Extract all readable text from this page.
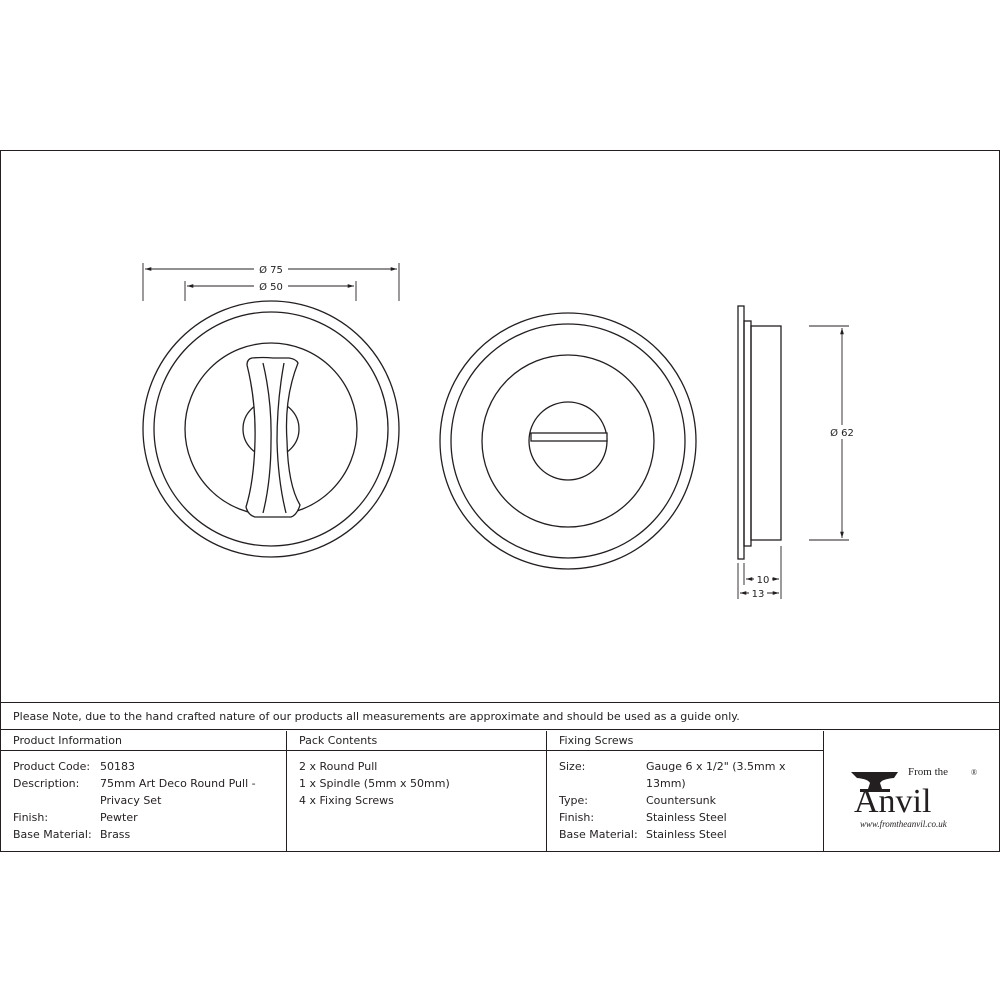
Ø 75
Ø 50
Ø 62
10
13
Please Note, due to the hand crafted nature of our products all measurements are approximate and should be used as a guide only.
Product Information
Product Code: 50183
Description:	75mm Art Deco Round Pull - Privacy Set
Finish:	Pewter
Base Material: Brass
Pack Contents
2 x Round Pull
1 x Spindle (5mm x 50mm)
4 x Fixing Screws
Fixing Screws
Size:	Gauge 6 x 1/2" (3.5mm x 13mm)
Type:	Countersunk
Finish:	Stainless Steel
Base Material: Stainless Steel
From the
Anvil
®
www.fromtheanvil.co.uk
